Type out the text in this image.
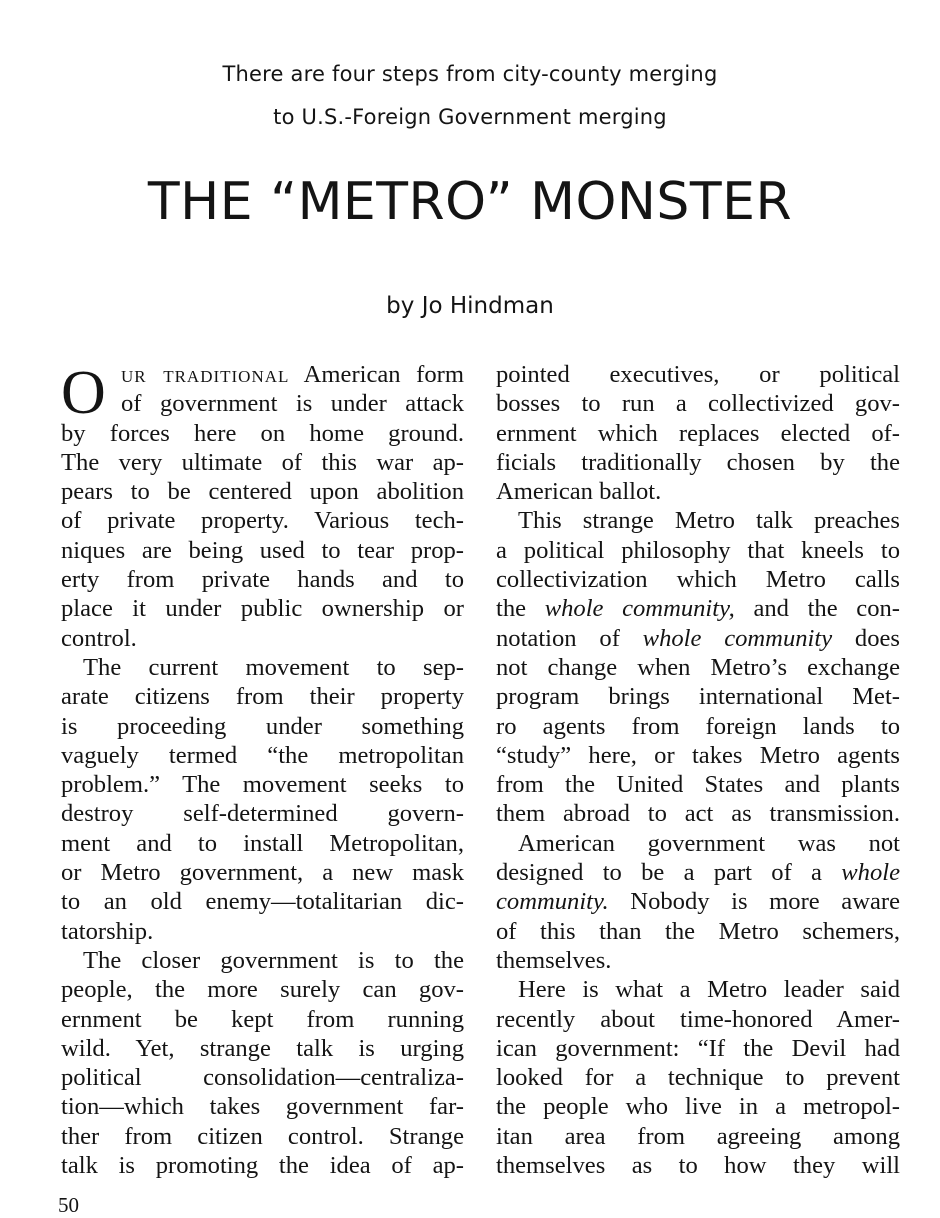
There are four steps from city-county merging
to U.S.-Foreign Government merging
THE “METRO” MONSTER
by Jo Hindman
O ur traditional American form
of government is under attack
by forces here on home ground.
The very ultimate of this war ap-
pears to be centered upon abolition
of private property. Various tech-
niques are being used to tear prop-
erty from private hands and to
place it under public ownership or
control.
The current movement to sep-
arate citizens from their property
is proceeding under something
vaguely termed “the metropolitan
problem.” The movement seeks to
destroy self-determined govern-
ment and to install Metropolitan,
or Metro government, a new mask
to an old enemy—totalitarian dic-
tatorship.
The closer government is to the
people, the more surely can gov-
ernment be kept from running
wild. Yet, strange talk is urging
political consolidation—centraliza-
tion—which takes government far-
ther from citizen control. Strange
talk is promoting the idea of ap-
pointed executives, or political
bosses to run a collectivized gov-
ernment which replaces elected of-
ficials traditionally chosen by the
American ballot.
This strange Metro talk preaches
a political philosophy that kneels to
collectivization which Metro calls
the whole community, and the con-
notation of whole community does
not change when Metro’s exchange
program brings international Met-
ro agents from foreign lands to
“study” here, or takes Metro agents
from the United States and plants
them abroad to act as transmission.
American government was not
designed to be a part of a whole
community. Nobody is more aware
of this than the Metro schemers,
themselves.
Here is what a Metro leader said
recently about time-honored Amer-
ican government: “If the Devil had
looked for a technique to prevent
the people who live in a metropol-
itan area from agreeing among
themselves as to how they will
50
